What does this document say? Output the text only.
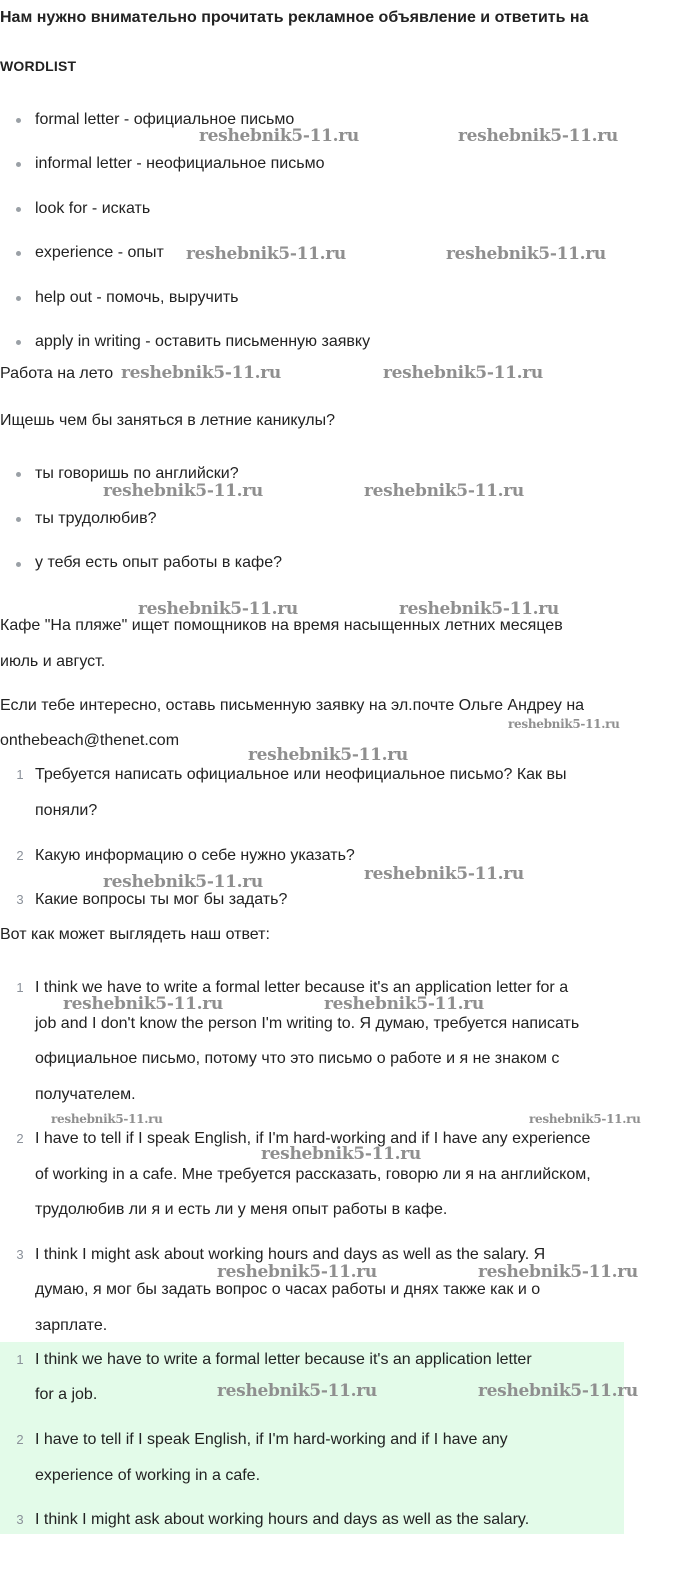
Нам нужно внимательно прочитать рекламное объявление и ответить на
WORDLIST
formal letter - официальное письмо
informal letter - неофициальное письмо
look for - искать
experience - опыт
help out - помочь, выручить
apply in writing - оставить письменную заявку
Работа на лето
Ищешь чем бы заняться в летние каникулы?
ты говоришь по английски?
ты трудолюбив?
у тебя есть опыт работы в кафе?
Кафе "На пляже" ищет помощников на время насыщенных летних месяцев
июль и август.
Если тебе интересно, оставь письменную заявку на эл.почте Ольге Андреу на
onthebeach@thenet.com
1 Требуется написать официальное или неофициальное письмо? Как вы
поняли?
2 Какую информацию о себе нужно указать?
3 Какие вопросы ты мог бы задать?
Вот как может выглядеть наш ответ:
1 I think we have to write a formal letter because it's an application letter for a
job and I don't know the person I'm writing to. Я думаю, требуется написать
официальное письмо, потому что это письмо о работе и я не знаком с
получателем.
2 I have to tell if I speak English, if I'm hard-working and if I have any experience
of working in a cafe. Мне требуется рассказать, говорю ли я на английском,
трудолюбив ли я и есть ли у меня опыт работы в кафе.
3 I think I might ask about working hours and days as well as the salary. Я
думаю, я мог бы задать вопрос о часах работы и днях также как и о
зарплате.
1 I think we have to write a formal letter because it's an application letter
for a job.
2 I have to tell if I speak English, if I'm hard-working and if I have any
experience of working in a cafe.
3 I think I might ask about working hours and days as well as the salary.
reshebnik5-11.ru	reshebnik5-11.ru
reshebnik5-11.ru	reshebnik5-11.ru
reshebnik5-11.ru	reshebnik5-11.ru
reshebnik5-11.ru	reshebnik5-11.ru
reshebnik5-11.ru	reshebnik5-11.ru
reshebnik5-11.ru
reshebnik5-11.ru
reshebnik5-11.ru	reshebnik5-11.ru
reshebnik5-11.ru	reshebnik5-11.ru
reshebnik5-11.ru	reshebnik5-11.ru
reshebnik5-11.ru
reshebnik5-11.ru	reshebnik5-11.ru
reshebnik5-11.ru	reshebnik5-11.ru
